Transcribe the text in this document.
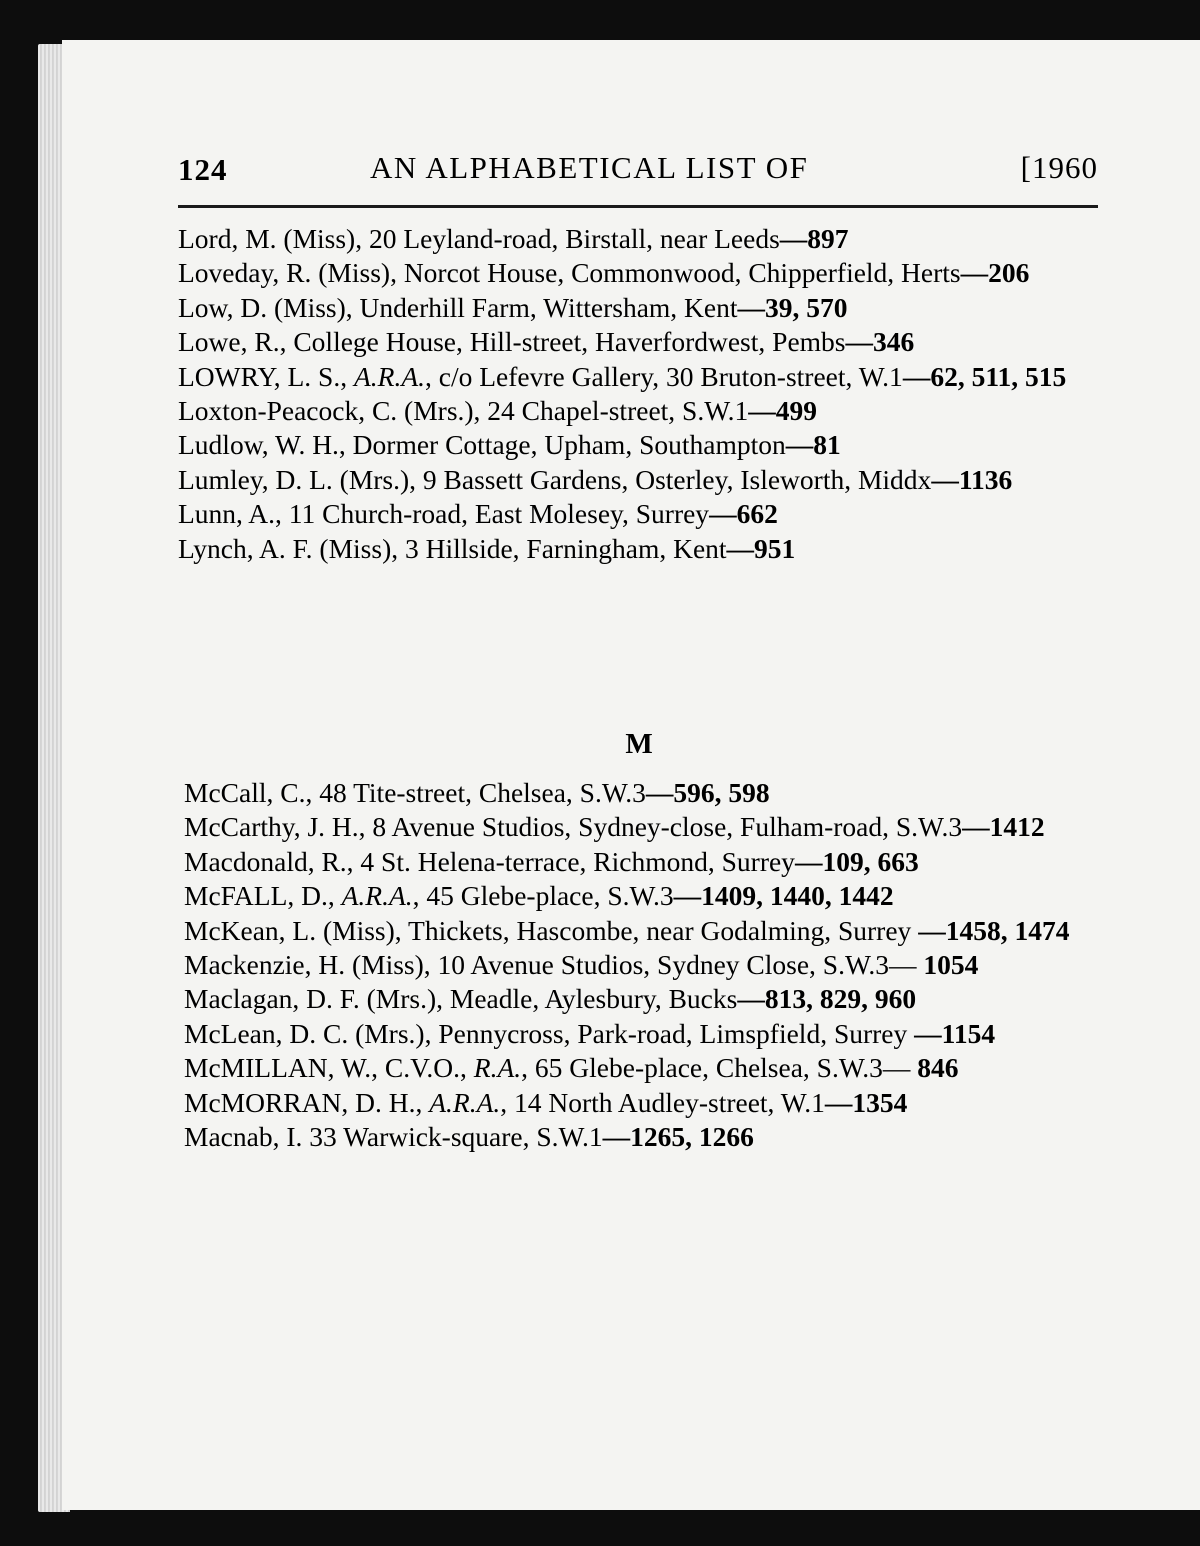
124	AN ALPHABETICAL LIST OF	[1960
Lord, M. (Miss), 20 Leyland-road, Birstall, near Leeds—897
Loveday, R. (Miss), Norcot House, Commonwood, Chipperfield, Herts—206
Low, D. (Miss), Underhill Farm, Wittersham, Kent—39, 570
Lowe, R., College House, Hill-street, Haverfordwest, Pembs—346
LOWRY, L. S., A.R.A., c/o Lefevre Gallery, 30 Bruton-street, W.1—62, 511, 515
Loxton-Peacock, C. (Mrs.), 24 Chapel-street, S.W.1—499
Ludlow, W. H., Dormer Cottage, Upham, Southampton—81
Lumley, D. L. (Mrs.), 9 Bassett Gardens, Osterley, Isleworth, Middx—1136
Lunn, A., 11 Church-road, East Molesey, Surrey—662
Lynch, A. F. (Miss), 3 Hillside, Farningham, Kent—951
M
McCall, C., 48 Tite-street, Chelsea, S.W.3—596, 598
McCarthy, J. H., 8 Avenue Studios, Sydney-close, Fulham-road, S.W.3—1412
Macdonald, R., 4 St. Helena-terrace, Richmond, Surrey—109, 663
McFALL, D., A.R.A., 45 Glebe-place, S.W.3—1409, 1440, 1442
McKean, L. (Miss), Thickets, Hascombe, near Godalming, Surrey —1458, 1474
Mackenzie, H. (Miss), 10 Avenue Studios, Sydney Close, S.W.3— 1054
Maclagan, D. F. (Mrs.), Meadle, Aylesbury, Bucks—813, 829, 960
McLean, D. C. (Mrs.), Pennycross, Park-road, Limspfield, Surrey —1154
McMILLAN, W., C.V.O., R.A., 65 Glebe-place, Chelsea, S.W.3— 846
McMORRAN, D. H., A.R.A., 14 North Audley-street, W.1—1354
Macnab, I. 33 Warwick-square, S.W.1—1265, 1266
